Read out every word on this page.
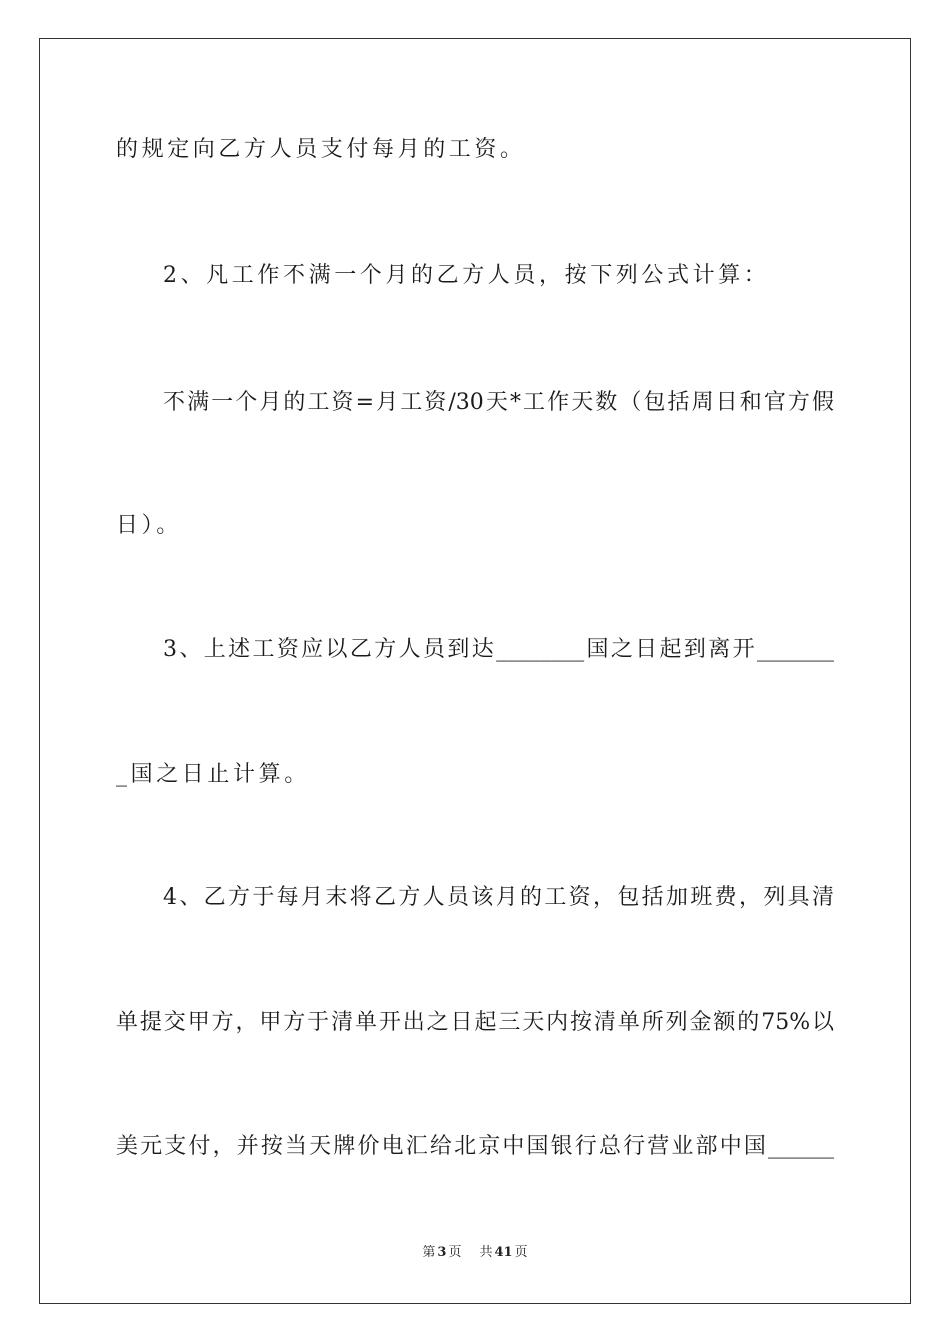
的规定向乙方人员支付每月的工资。
2、凡工作不满一个月的乙方人员，按下列公式计算：
不满一个月的工资=月工资/30天*工作天数（包括周日和官方假
日）。
3、上述工资应以乙方人员到达________国之日起到离开_______
_国之日止计算。
4、乙方于每月末将乙方人员该月的工资，包括加班费，列具清
单提交甲方，甲方于清单开出之日起三天内按清单所列金额的75%以
美元支付，并按当天牌价电汇给北京中国银行总行营业部中国______
第 3 页 共 41 页
